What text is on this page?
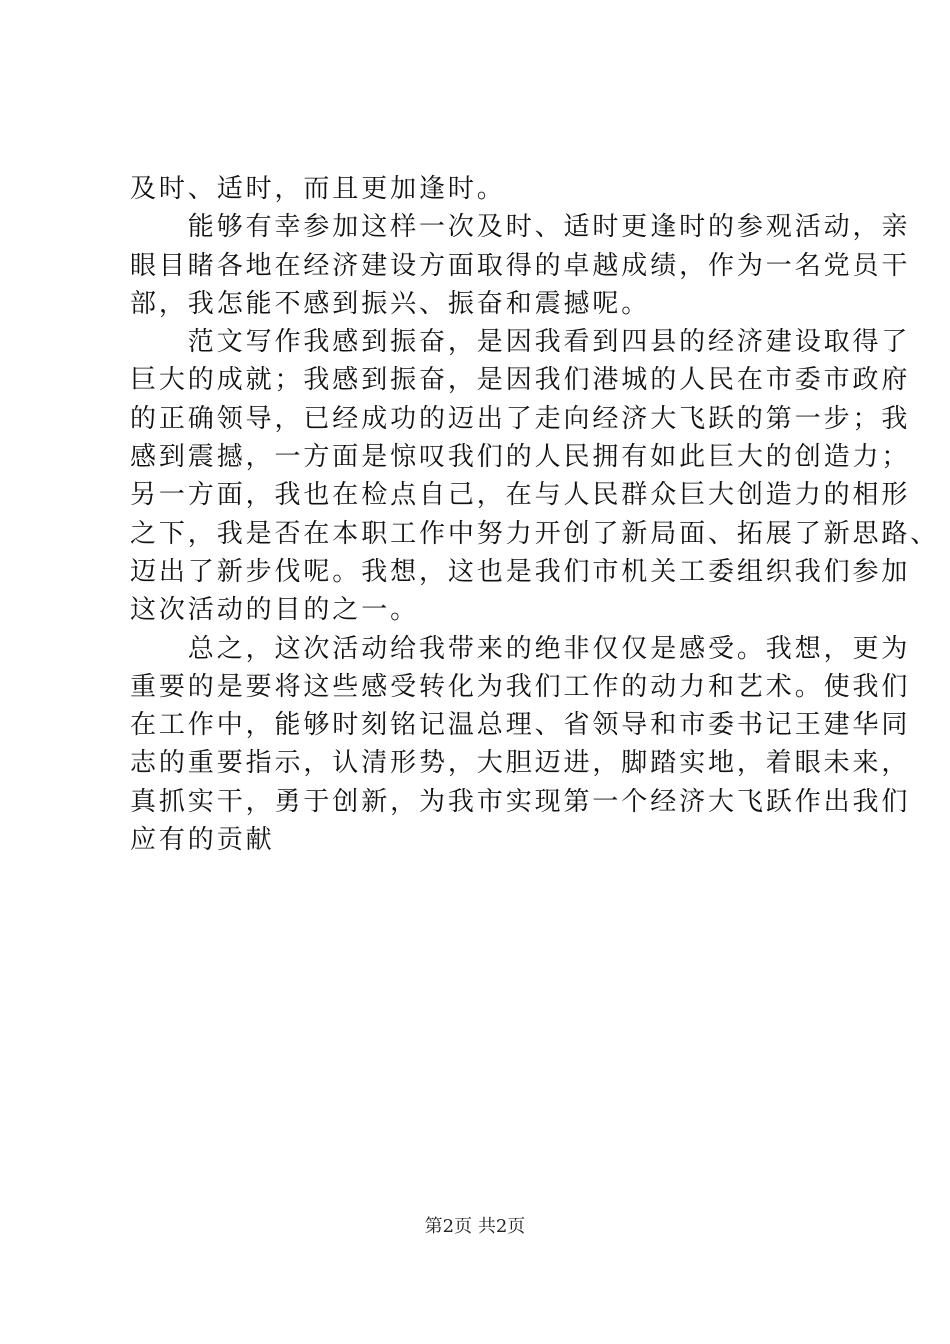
及时、适时，而且更加逢时。
　　能够有幸参加这样一次及时、适时更逢时的参观活动，亲
眼目睹各地在经济建设方面取得的卓越成绩，作为一名党员干
部，我怎能不感到振兴、振奋和震撼呢。
　　范文写作我感到振奋，是因我看到四县的经济建设取得了
巨大的成就；我感到振奋，是因我们港城的人民在市委市政府
的正确领导，已经成功的迈出了走向经济大飞跃的第一步；我
感到震撼，一方面是惊叹我们的人民拥有如此巨大的创造力；
另一方面，我也在检点自己，在与人民群众巨大创造力的相形
之下，我是否在本职工作中努力开创了新局面、拓展了新思路、
迈出了新步伐呢。我想，这也是我们市机关工委组织我们参加
这次活动的目的之一。
　　总之，这次活动给我带来的绝非仅仅是感受。我想，更为
重要的是要将这些感受转化为我们工作的动力和艺术。使我们
在工作中，能够时刻铭记温总理、省领导和市委书记王建华同
志的重要指示，认清形势，大胆迈进，脚踏实地，着眼未来，
真抓实干，勇于创新，为我市实现第一个经济大飞跃作出我们
应有的贡献
第2页 共2页
